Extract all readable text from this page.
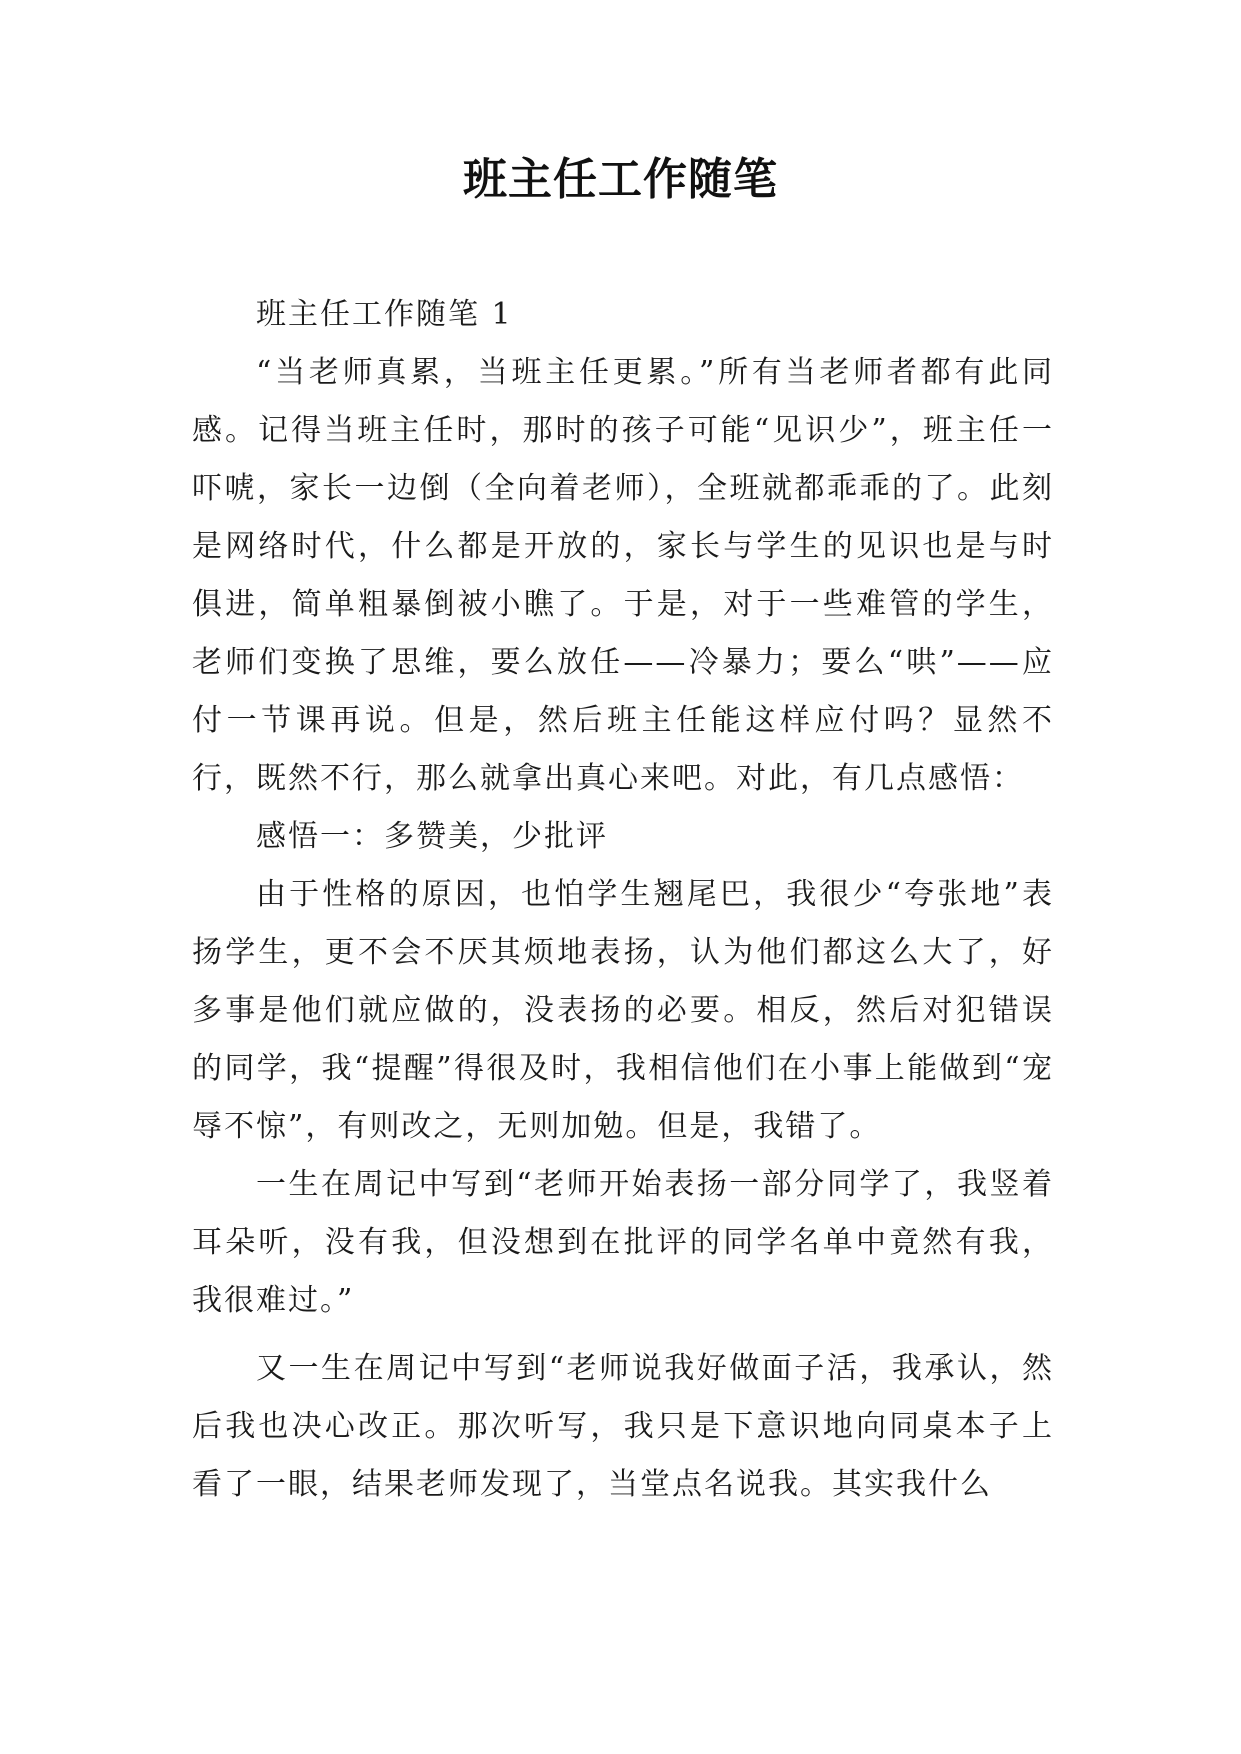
班主任工作随笔

班主任工作随笔 1

“当老师真累，当班主任更累。”所有当老师者都有此同感。记得当班主任时，那时的孩子可能“见识少”，班主任一吓唬，家长一边倒（全向着老师），全班就都乖乖的了。此刻是网络时代，什么都是开放的，家长与学生的见识也是与时俱进，简单粗暴倒被小瞧了。于是，对于一些难管的学生，老师们变换了思维，要么放任——冷暴力；要么“哄”——应付一节课再说。但是，然后班主任能这样应付吗？显然不行，既然不行，那么就拿出真心来吧。对此，有几点感悟：

感悟一：多赞美，少批评

由于性格的原因，也怕学生翘尾巴，我很少“夸张地”表扬学生，更不会不厌其烦地表扬，认为他们都这么大了，好多事是他们就应做的，没表扬的必要。相反，然后对犯错误的同学，我“提醒”得很及时，我相信他们在小事上能做到“宠辱不惊”，有则改之，无则加勉。但是，我错了。

一生在周记中写到“老师开始表扬一部分同学了，我竖着耳朵听，没有我，但没想到在批评的同学名单中竟然有我，我很难过。”

又一生在周记中写到“老师说我好做面子活，我承认，然后我也决心改正。那次听写，我只是下意识地向同桌本子上看了一眼，结果老师发现了，当堂点名说我。其实我什么
